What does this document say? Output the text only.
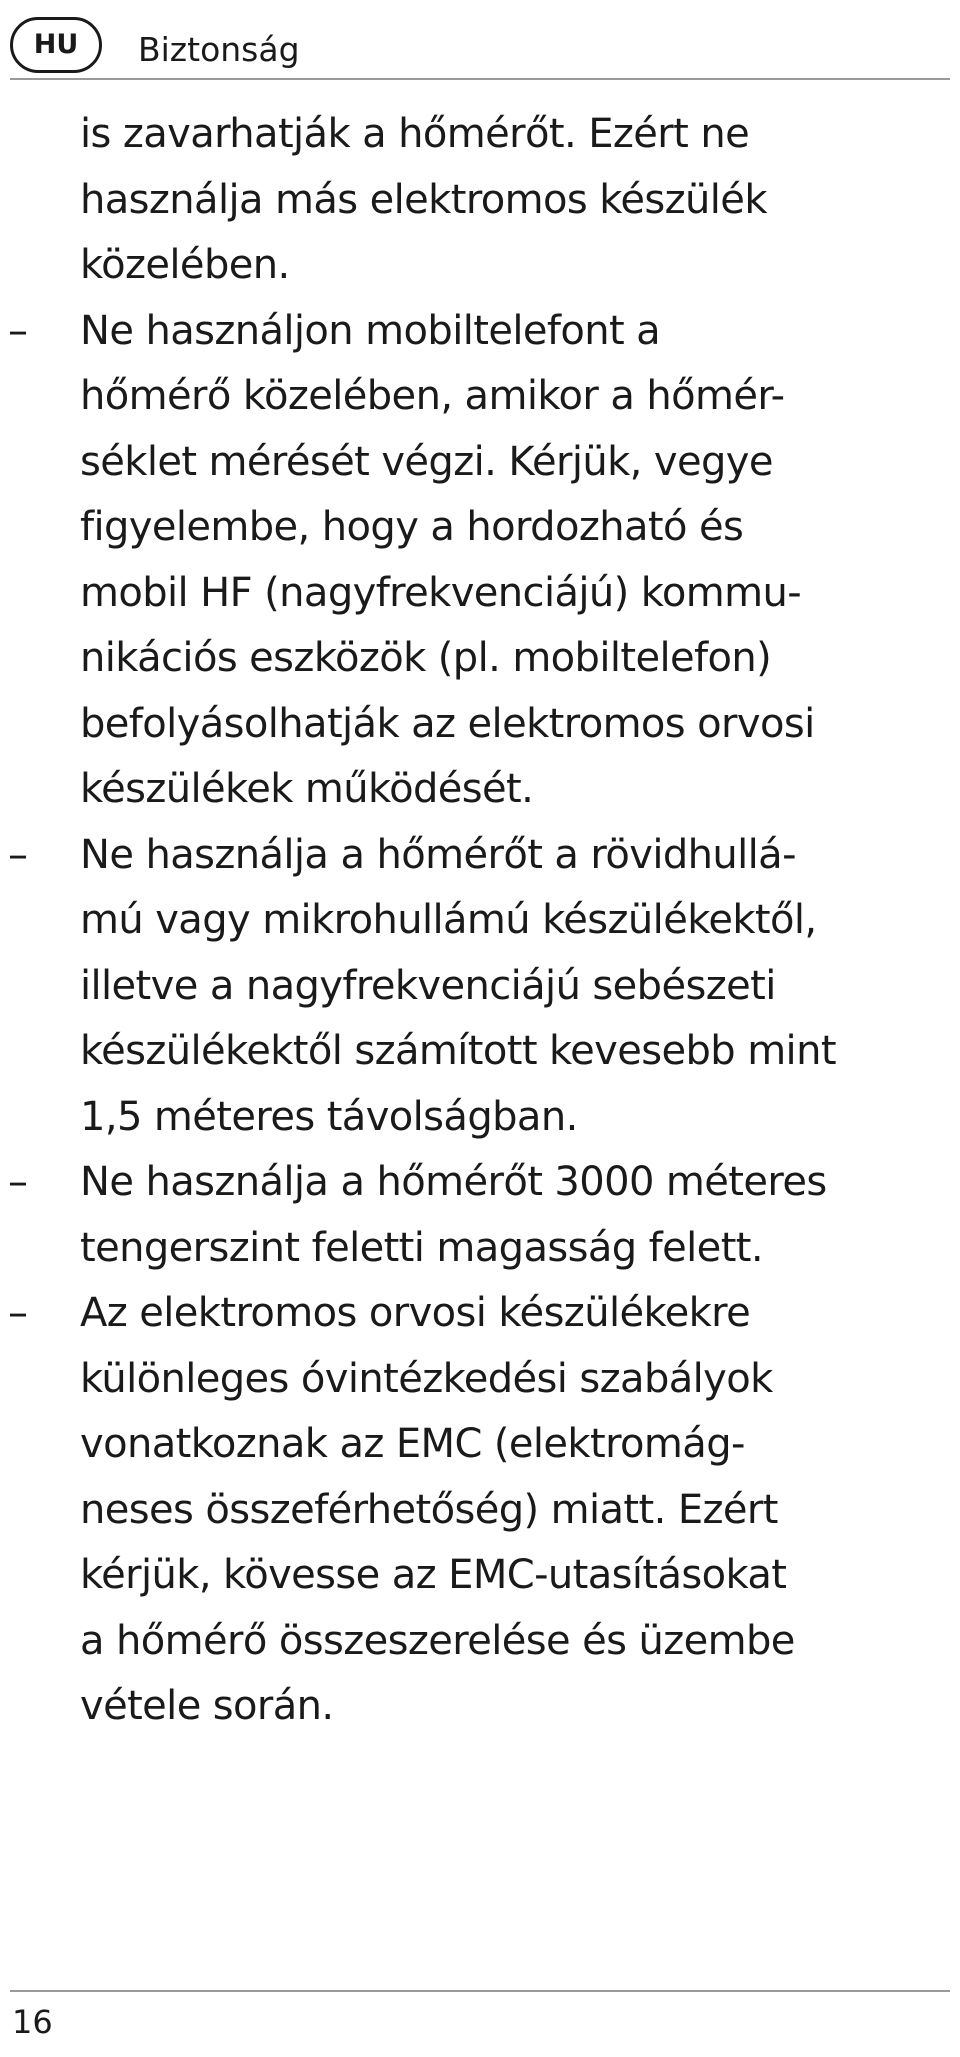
HU	Biztonság

is zavarhatják a hőmérőt. Ezért ne
használja más elektromos készülék
közelében.

–	Ne használjon mobiltelefont a
hőmérő közelében, amikor a hőmér-
séklet mérését végzi. Kérjük, vegye
figyelembe, hogy a hordozható és
mobil HF (nagyfrekvenciájú) kommu-
nikációs eszközök (pl. mobiltelefon)
befolyásolhatják az elektromos orvosi
készülékek működését.

–	Ne használja a hőmérőt a rövidhullá-
mú vagy mikrohullámú készülékektől,
illetve a nagyfrekvenciájú sebészeti
készülékektől számított kevesebb mint
1,5 méteres távolságban.

–	Ne használja a hőmérőt 3000 méteres
tengerszint feletti magasság felett.

–	Az elektromos orvosi készülékekre
különleges óvintézkedési szabályok
vonatkoznak az EMC (elektromág-
neses összeférhetőség) miatt. Ezért
kérjük, kövesse az EMC-utasításokat
a hőmérő összeszerelése és üzembe
vétele során.

16
